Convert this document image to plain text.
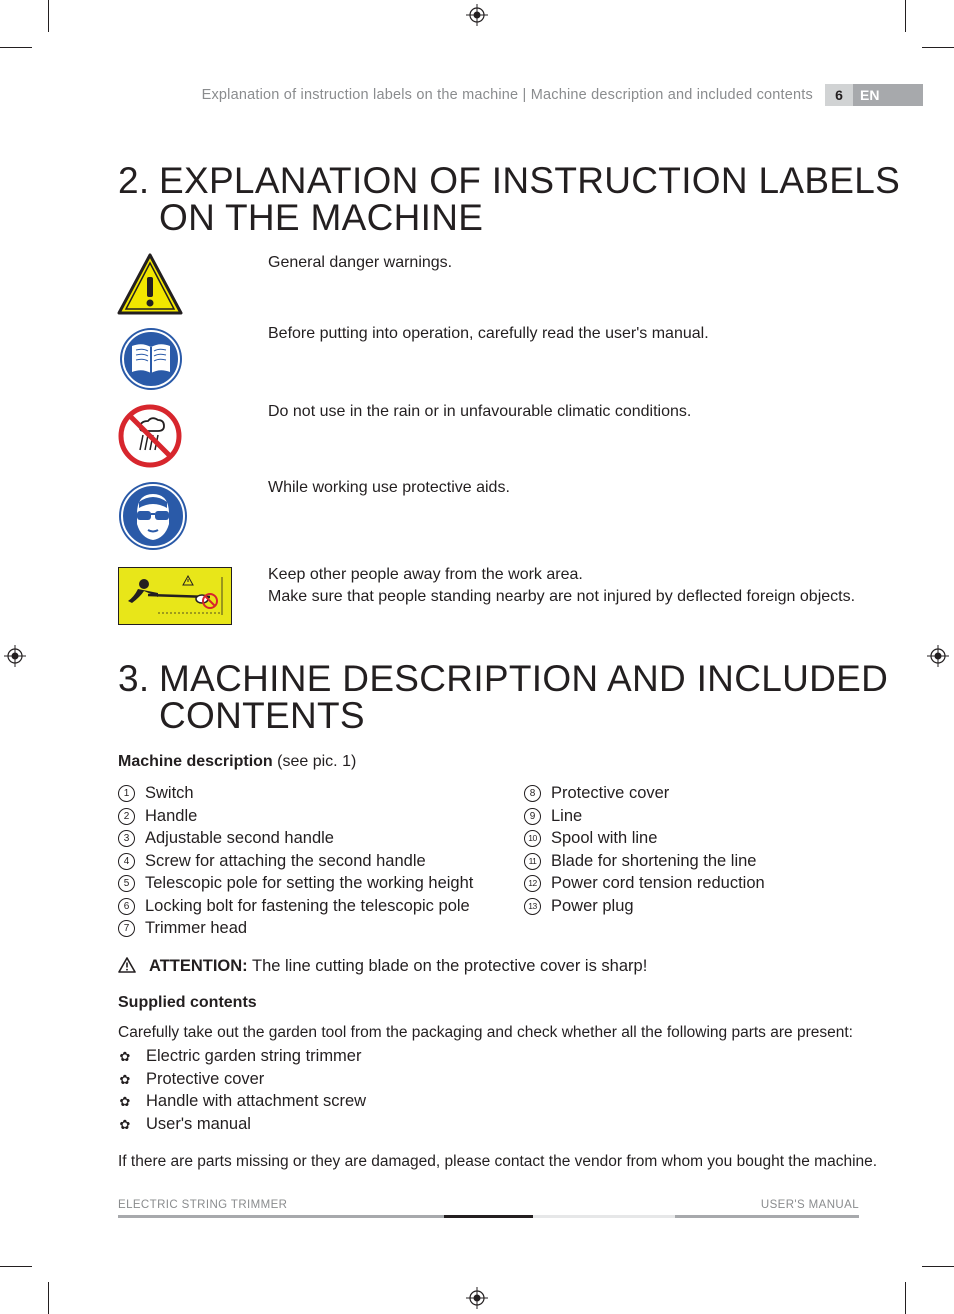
Explanation of instruction labels on the machine | Machine description and included contents	6	EN
2. EXPLANATION OF INSTRUCTION LABELS
ON THE MACHINE
General danger warnings.
Before putting into operation, carefully read the user's manual.
Do not use in the rain or in unfavourable climatic conditions.
While working use protective aids.
Keep other people away from the work area.
Make sure that people standing nearby are not injured by deflected foreign objects.
3. MACHINE DESCRIPTION AND INCLUDED
CONTENTS
Machine description (see pic. 1)
1 Switch
2 Handle
3 Adjustable second handle
4 Screw for attaching the second handle
5 Telescopic pole for setting the working height
6 Locking bolt for fastening the telescopic pole
7 Trimmer head
8 Protective cover
9 Line
10 Spool with line
11 Blade for shortening the line
12 Power cord tension reduction
13 Power plug
ATTENTION: The line cutting blade on the protective cover is sharp!
Supplied contents
Carefully take out the garden tool from the packaging and check whether all the following parts are present:
✿ Electric garden string trimmer
✿ Protective cover
✿ Handle with attachment screw
✿ User's manual
If there are parts missing or they are damaged, please contact the vendor from whom you bought the machine.
ELECTRIC STRING TRIMMER	USER'S MANUAL
